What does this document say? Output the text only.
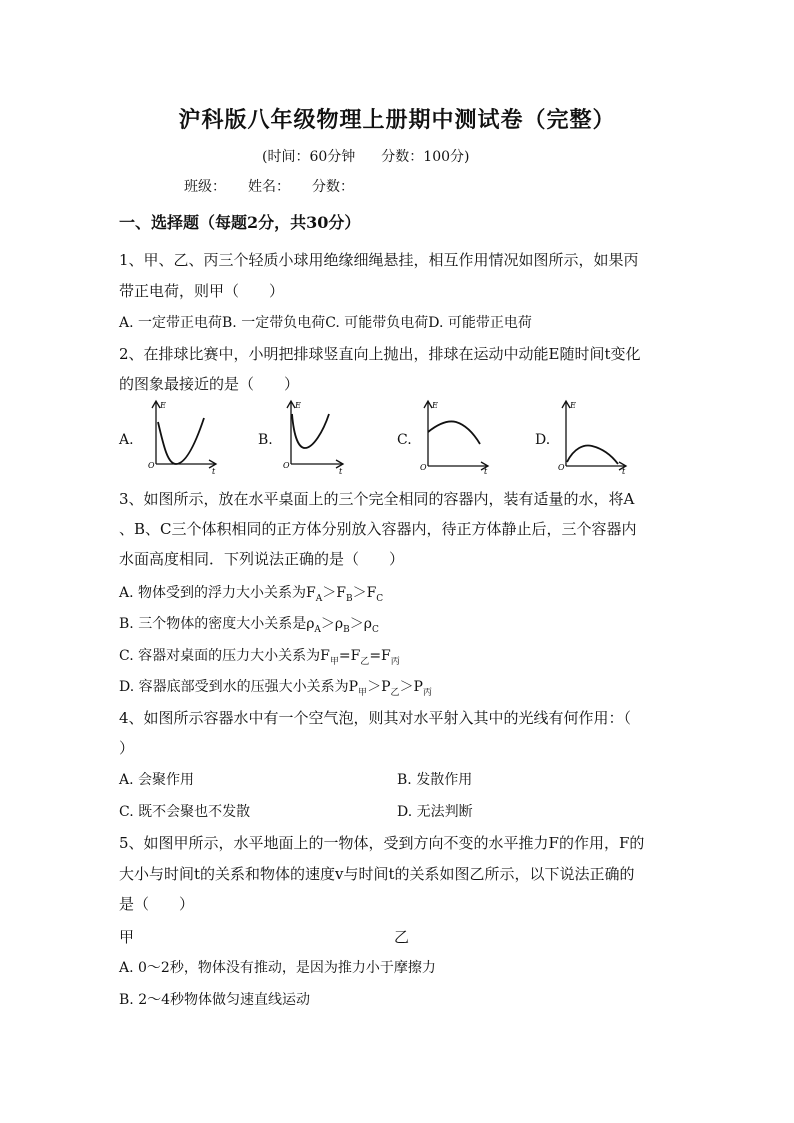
沪科版八年级物理上册期中测试卷（完整）
(时间：60分钟 分数：100分)
班级： 姓名： 分数：
一、选择题（每题2分，共30分）
1、甲、乙、丙三个轻质小球用绝缘细绳悬挂，相互作用情况如图所示，如果丙
带正电荷，则甲（　　）
A. 一定带正电荷B. 一定带负电荷C. 可能带负电荷D. 可能带正电荷
2、在排球比赛中，小明把排球竖直向上抛出，排球在运动中动能E随时间t变化
的图象最接近的是（　　）
A.	B.	C.	D.
E
O
t
E
O
t
E
O	t
E
O	t
3、如图所示，放在水平桌面上的三个完全相同的容器内，装有适量的水，将A
、B、C三个体积相同的正方体分别放入容器内，待正方体静止后，三个容器内
水面高度相同．下列说法正确的是（　　）
A. 物体受到的浮力大小关系为$F_A>F_B>F_C$
B. 三个物体的密度大小关系是$\rho_A>\rho_B>\rho_C$
C. 容器对桌面的压力大小关系为$F_甲=F_乙=F_丙$
D. 容器底部受到水的压强大小关系为$P_甲>P_乙>P_丙$
4、如图所示容器水中有一个空气泡，则其对水平射入其中的光线有何作用：（
）
A. 会聚作用	B. 发散作用
C. 既不会聚也不发散	D. 无法判断
5、如图甲所示，水平地面上的一物体，受到方向不变的水平推力F的作用，F的
大小与时间t的关系和物体的速度v与时间t的关系如图乙所示，以下说法正确的
是（　　）
甲	乙
A. 0～2秒，物体没有推动，是因为推力小于摩擦力
B. 2～4秒物体做匀速直线运动
